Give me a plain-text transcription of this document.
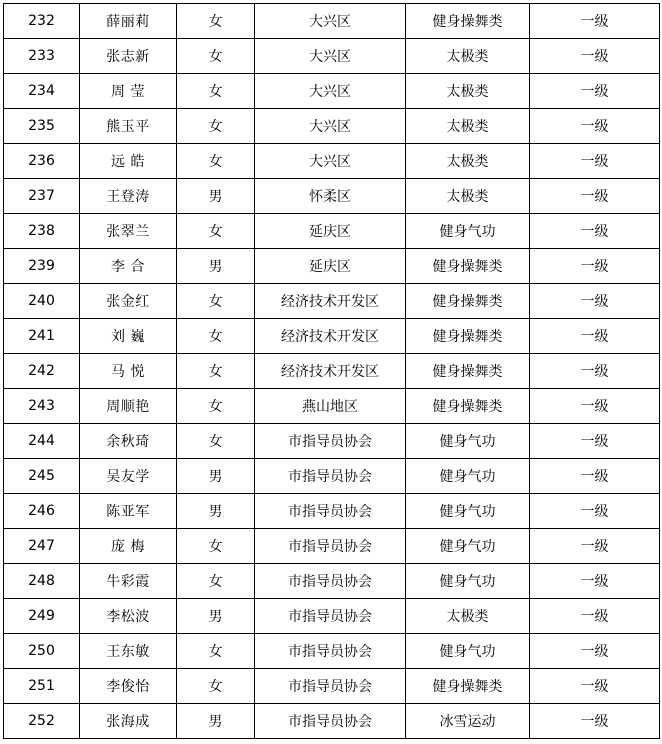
232	薛丽莉	女	大兴区	健身操舞类	一级
233	张志新	女	大兴区	太极类	一级
234	周 莹	女	大兴区	太极类	一级
235	熊玉平	女	大兴区	太极类	一级
236	远 皓	女	大兴区	太极类	一级
237	王登涛	男	怀柔区	太极类	一级
238	张翠兰	女	延庆区	健身气功	一级
239	李 合	男	延庆区	健身操舞类	一级
240	张金红	女	经济技术开发区	健身操舞类	一级
241	刘 巍	女	经济技术开发区	健身操舞类	一级
242	马 悦	女	经济技术开发区	健身操舞类	一级
243	周顺艳	女	燕山地区	健身操舞类	一级
244	余秋琦	女	市指导员协会	健身气功	一级
245	吴友学	男	市指导员协会	健身气功	一级
246	陈亚军	男	市指导员协会	健身气功	一级
247	庞 梅	女	市指导员协会	健身气功	一级
248	牛彩霞	女	市指导员协会	健身气功	一级
249	李松波	男	市指导员协会	太极类	一级
250	王东敏	女	市指导员协会	健身气功	一级
251	李俊怡	女	市指导员协会	健身操舞类	一级
252	张海成	男	市指导员协会	冰雪运动	一级
